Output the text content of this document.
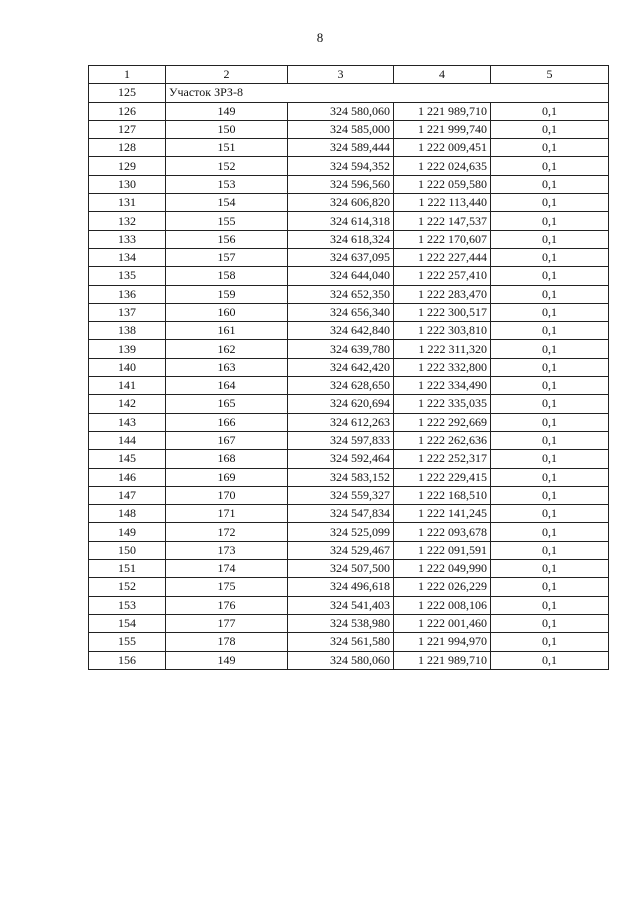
8
1	2	3	4	5
125	Участок ЗРЗ-8			
126	149	324 580,060	1 221 989,710	0,1
127	150	324 585,000	1 221 999,740	0,1
128	151	324 589,444	1 222 009,451	0,1
129	152	324 594,352	1 222 024,635	0,1
130	153	324 596,560	1 222 059,580	0,1
131	154	324 606,820	1 222 113,440	0,1
132	155	324 614,318	1 222 147,537	0,1
133	156	324 618,324	1 222 170,607	0,1
134	157	324 637,095	1 222 227,444	0,1
135	158	324 644,040	1 222 257,410	0,1
136	159	324 652,350	1 222 283,470	0,1
137	160	324 656,340	1 222 300,517	0,1
138	161	324 642,840	1 222 303,810	0,1
139	162	324 639,780	1 222 311,320	0,1
140	163	324 642,420	1 222 332,800	0,1
141	164	324 628,650	1 222 334,490	0,1
142	165	324 620,694	1 222 335,035	0,1
143	166	324 612,263	1 222 292,669	0,1
144	167	324 597,833	1 222 262,636	0,1
145	168	324 592,464	1 222 252,317	0,1
146	169	324 583,152	1 222 229,415	0,1
147	170	324 559,327	1 222 168,510	0,1
148	171	324 547,834	1 222 141,245	0,1
149	172	324 525,099	1 222 093,678	0,1
150	173	324 529,467	1 222 091,591	0,1
151	174	324 507,500	1 222 049,990	0,1
152	175	324 496,618	1 222 026,229	0,1
153	176	324 541,403	1 222 008,106	0,1
154	177	324 538,980	1 222 001,460	0,1
155	178	324 561,580	1 221 994,970	0,1
156	149	324 580,060	1 221 989,710	0,1
